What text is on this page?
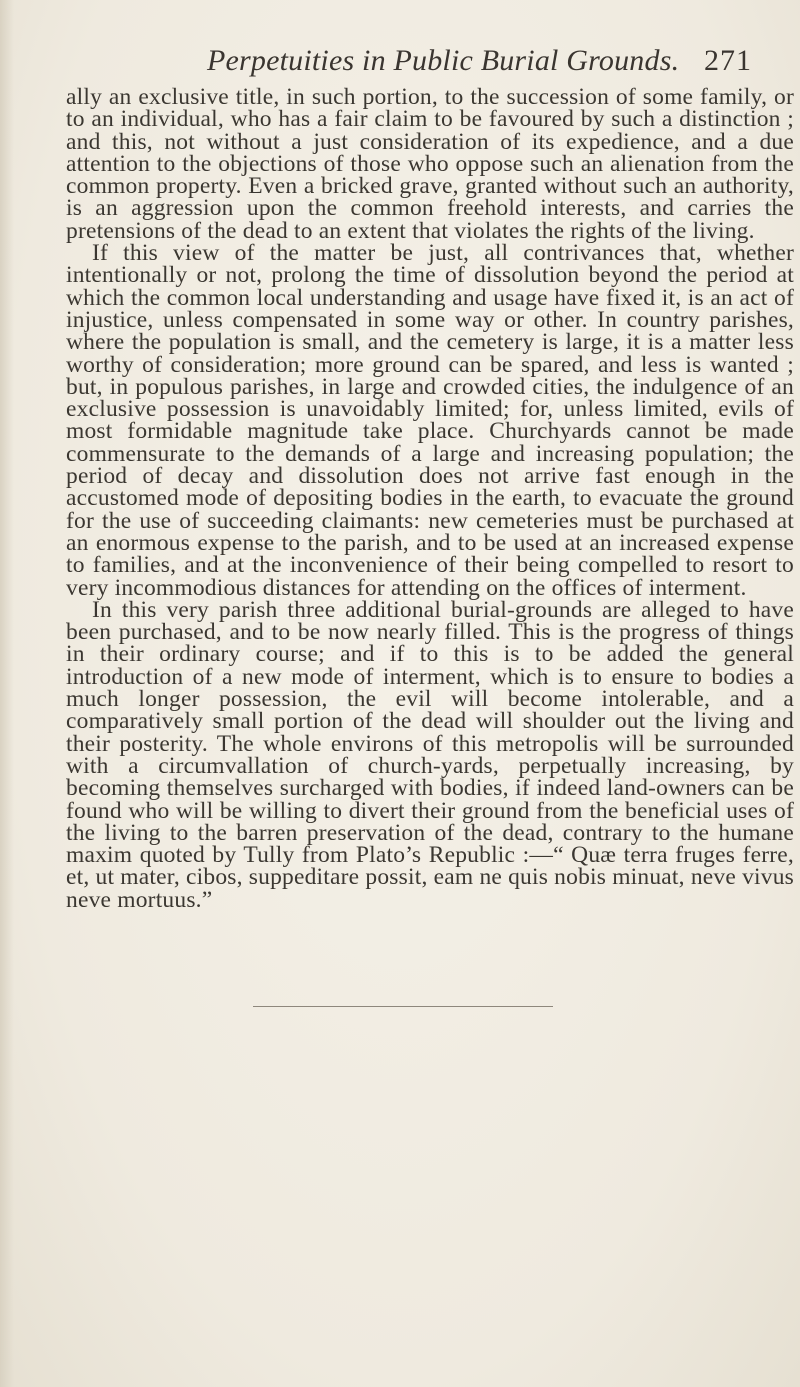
Perpetuities in Public Burial Grounds. 271

ally an exclusive title, in such portion, to the succession of some family, or to an individual, who has a fair claim to be favoured by such a distinction ; and this, not without a just consideration of its expedience, and a due attention to the objections of those who oppose such an alienation from the common property. Even a bricked grave, granted without such an authority, is an aggression upon the common freehold interests, and carries the pretensions of the dead to an extent that violates the rights of the living.

If this view of the matter be just, all contrivances that, whether intentionally or not, prolong the time of dissolution beyond the period at which the common local understanding and usage have fixed it, is an act of injustice, unless compensated in some way or other. In country parishes, where the population is small, and the cemetery is large, it is a matter less worthy of consideration; more ground can be spared, and less is wanted ; but, in populous parishes, in large and crowded cities, the indulgence of an exclusive possession is unavoidably limited; for, unless limited, evils of most formidable magnitude take place. Churchyards cannot be made commensurate to the demands of a large and increasing population; the period of decay and dissolution does not arrive fast enough in the accustomed mode of depositing bodies in the earth, to evacuate the ground for the use of succeeding claimants: new cemeteries must be purchased at an enormous expense to the parish, and to be used at an increased expense to families, and at the inconvenience of their being compelled to resort to very incommodious distances for attending on the offices of interment.

In this very parish three additional burial-grounds are alleged to have been purchased, and to be now nearly filled. This is the progress of things in their ordinary course; and if to this is to be added the general introduction of a new mode of interment, which is to ensure to bodies a much longer possession, the evil will become intolerable, and a comparatively small portion of the dead will shoulder out the living and their posterity. The whole environs of this metropolis will be surrounded with a circumvallation of church-yards, perpetually increasing, by becoming themselves surcharged with bodies, if indeed land-owners can be found who will be willing to divert their ground from the beneficial uses of the living to the barren preservation of the dead, contrary to the humane maxim quoted by Tully from Plato’s Republic :—“ Quæ terra fruges ferre, et, ut mater, cibos, suppeditare possit, eam ne quis nobis minuat, neve vivus neve mortuus.”
